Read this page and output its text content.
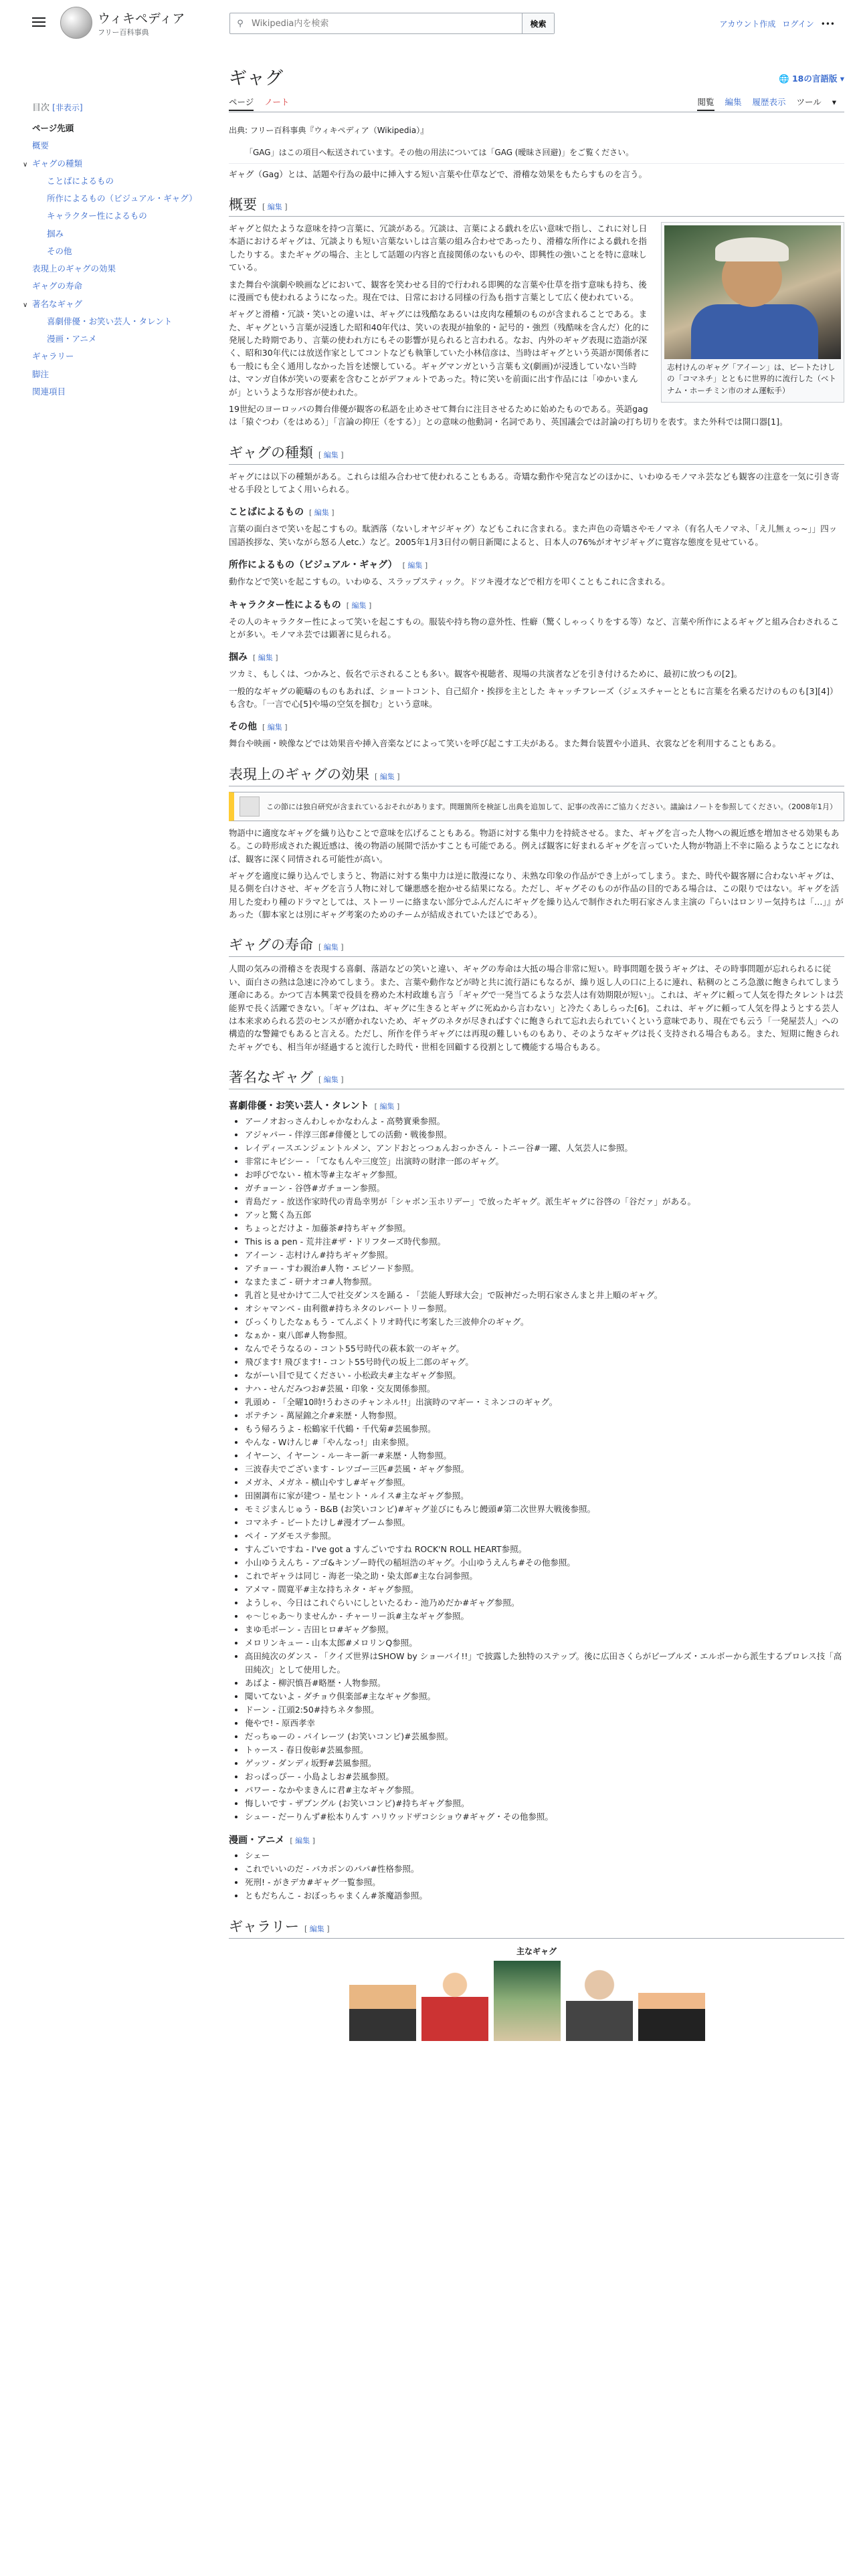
ウィキペディア
フリー百科事典
⚲
Wikipedia内を検索	検索	アカウント作成 ログイン •••
目次 [非表示]
ページ先頭
概要
∨ ギャグの種類
ことばによるもの
所作によるもの（ビジュアル・ギャグ）
キャラクター性によるもの
掴み
その他
表現上のギャグの効果
ギャグの寿命
∨ 著名なギャグ
喜劇俳優・お笑い芸人・タレント
漫画・アニメ
ギャラリー
脚注
関連項目
ギャグ	🌐 18の言語版 ▾
ページ ノート	閲覧 編集 履歴表示 ツール ▾

出典: フリー百科事典『ウィキペディア（Wikipedia）』

「GAG」はこの項目へ転送されています。その他の用法については「GAG (曖昧さ回避)」をご覧ください。

ギャグ（Gag）とは、話題や行為の最中に挿入する短い言葉や仕草などで、滑稽な効果をもたらすものを言う。

概要 [ 編集 ]
志村けんのギャグ「アイーン」は、ビートたけしの「コマネチ」とともに世界的に流行した（ベトナム・ホーチミン市のオム運転手）

ギャグと似たような意味を持つ言葉に、冗談がある。冗談は、言葉による戯れを広い意味で指し、これに対し日本語におけるギャグは、冗談よりも短い言葉ないしは言葉の組み合わせであったり、滑稽な所作による戯れを指したりする。またギャグの場合、主として話題の内容と直接関係のないものや、即興性の強いことを特に意味している。

また舞台や演劇や映画などにおいて、観客を笑わせる目的で行われる即興的な言葉や仕草を指す意味も持ち、後に漫画でも使われるようになった。現在では、日常における同様の行為も指す言葉として広く使われている。

ギャグと滑稽・冗談・笑いとの違いは、ギャグには残酷なあるいは皮肉な種類のものが含まれることである。また、ギャグという言葉が浸透した昭和40年代は、笑いの表現が抽象的・記号的・強烈（残酷味を含んだ）化的に発展した時期であり、言葉の使われ方にもその影響が見られると言われる。なお、内外のギャグ表現に造詣が深く、昭和30年代には放送作家としてコントなども執筆していた小林信彦は、当時はギャグという英語が関係者にも一般にも全く通用しなかった旨を述懐している。ギャグマンガという言葉も文(劇画)が浸透していない当時は、マンガ自体が笑いの要素を含むことがデフォルトであった。特に笑いを前面に出す作品には「ゆかいまんが」というような形容が使われた。

19世紀のヨーロッパの舞台俳優が観客の私語を止めさせて舞台に注目させるために始めたものである。英語gagは「猿ぐつわ（をはめる）」「言論の抑圧（をする）」との意味の他動詞・名詞であり、英国議会では討論の打ち切りを表す。また外科では開口器[1]。

ギャグの種類 [ 編集 ]

ギャグには以下の種類がある。これらは組み合わせて使われることもある。奇矯な動作や発言などのほかに、いわゆるモノマネ芸なども観客の注意を一気に引き寄せる手段としてよく用いられる。

ことばによるもの [ 編集 ]

言葉の面白さで笑いを起こすもの。駄洒落（ないしオヤジギャグ）などもこれに含まれる。また声色の奇矯さやモノマネ（有名人モノマネ、「え儿無ぇっ~」」四ッ国語挨拶な、笑いながら怒る人etc.）など。2005年1月3日付の朝日新聞によると、日本人の76%がオヤジギャグに寛容な態度を見せている。

所作によるもの（ビジュアル・ギャグ） [ 編集 ]

動作などで笑いを起こすもの。いわゆる、スラップスティック。ドツキ漫才などで相方を叩くこともこれに含まれる。

キャラクター性によるもの [ 編集 ]

その人のキャラクター性によって笑いを起こすもの。服装や持ち物の意外性、性癖（驚くしゃっくりをする等）など、言葉や所作によるギャグと組み合わされることが多い。モノマネ芸では顕著に見られる。

掴み [ 編集 ]

ツカミ、もしくは、つかみと、仮名で示されることも多い。観客や視聴者、現場の共演者などを引き付けるために、最初に放つもの[2]。

一般的なギャグの範疇のものもあれば、ショートコント、自己紹介・挨拶を主とした キャッチフレーズ（ジェスチャーとともに言葉を名乗るだけのものも[3][4]）も含む。「一言で心[5]や場の空気を掴む」という意味。

その他 [ 編集 ]

舞台や映画・映像などでは効果音や挿入音楽などによって笑いを呼び起こす工夫がある。また舞台装置や小道具、衣裳などを利用することもある。

表現上のギャグの効果 [ 編集 ]
この節には独自研究が含まれているおそれがあります。問題箇所を検証し出典を追加して、記事の改善にご協力ください。議論はノートを参照してください。（2008年1月）

物語中に適度なギャグを織り込むことで意味を広げることもある。物語に対する集中力を持続させる。また、ギャグを言った人物への親近感を増加させる効果もある。この時形成された親近感は、後の物語の展開で活かすことも可能である。例えば観客に好まれるギャグを言っていた人物が物語上不幸に陥るようなことになれば、観客に深く同情される可能性が高い。

ギャグを適度に繰り込んでしまうと、物語に対する集中力は逆に散漫になり、未熟な印象の作品ができ上がってしまう。また、時代や観客層に合わないギャグは、見る側を白けさせ、ギャグを言う人物に対して嫌悪感を抱かせる結果になる。ただし、ギャグそのものが作品の目的である場合は、この限りではない。ギャグを活用した変わり種のドラマとしては、ストーリーに絡まない部分でふんだんにギャグを繰り込んで制作された明石家さんま主演の『らいはロンリー気持ちは「…」』があった（脚本家とは別にギャグ考案のためのチームが結成されていたほどである）。

ギャグの寿命 [ 編集 ]

人間の気みの滑稽さを表現する喜劇、落語などの笑いと違い、ギャグの寿命は大抵の場合非常に短い。時事問題を扱うギャグは、その時事問題が忘れられるに従い、面白さの熱は急速に冷めてしまう。また、言葉や動作などが時と共に流行語にもなるが、繰り返し人の口に上るに連れ、粘稠のところ急激に飽きられてしまう運命にある。かつて吉本興業で役員を務めた木村政雄も言う「ギャグで一発当てるような芸人は有効期限が短い」。これは、ギャグに頼って人気を得たタレントは芸能界で長く活躍できない。「ギャグはね、ギャグに生きるとギャグに死ぬから言わない」と冷たくあしらった[6]。これは、ギャグに頼って人気を得ようとする芸人は本来求められる芸のセンスが磨かれないため、ギャグのネタが尽きればすぐに飽きられて忘れ去られていくという意味であり、現在でも云う「一発屋芸人」への構造的な警鐘でもあると言える。ただし、所作を伴うギャグには再現の難しいものもあり、そのようなギャグは長く支持される場合もある。また、短期に飽きられたギャグでも、相当年が経過すると流行した時代・世相を回顧する役割として機能する場合もある。

著名なギャグ [ 編集 ]
喜劇俳優・お笑い芸人・タレント [ 編集 ]
• アーノオおっさんわしゃかなわんよ - 高勢實乗参照。
• アジャパー - 伴淳三郎#俳優としての活動・戦後参照。
• レイディースエンジェントルメン、アンドおとっつぁんおっかさん - トニー谷#一躍、人気芸人に参照。
• 非常にキビシー - 「てなもんや三度笠」出演時の財津一郎のギャグ。
• お呼びでない - 植木等#主なギャグ参照。
• ガチョーン - 谷啓#ガチョーン参照。
• 青島だァ - 放送作家時代の青島幸男が「シャボン玉ホリデー」で放ったギャグ。派生ギャグに谷啓の「谷だァ」がある。
• アッと驚く為五郎
• ちょっとだけよ - 加藤茶#持ちギャグ参照。
• This is a pen - 荒井注#ザ・ドリフターズ時代参照。
• アイーン - 志村けん#持ちギャグ参照。
• アチョー - すわ親治#人物・エピソード参照。
• なまたまご - 研ナオコ#人物参照。
• 乳首と見せかけて二人で社交ダンスを踊る - 「芸能人野球大会」で阪神だった明石家さんまと井上順のギャグ。
• オシャマンベ - 由利徹#持ちネタのレパートリー参照。
• びっくりしたなぁもう - てんぷくトリオ時代に考案した三波伸介のギャグ。
• なぁか - 東八郎#人物参照。
• なんでそうなるの - コント55号時代の萩本欽一のギャグ。
• 飛びます! 飛びます! - コント55号時代の坂上二郎のギャグ。
• ながーい目で見てください - 小松政夫#主なギャグ参照。
• ナハ - せんだみつお#芸風・印象・交友関係参照。
• 乳頭め - 「全曜10時!うわさのチャンネル!!」出演時のマギー・ミネンコのギャグ。
• ボテチン - 萬屋錦之介#来歴・人物参照。
• もう帰ろうよ - 松鶴家千代鶴・千代菊#芸風参照。
• やんな - Wけんじ#「やんなっ!」由来参照。
• イヤーン、イヤーン - ルーキー新一#来歴・人物参照。
• 三波春夫でございます - レツゴー三匹#芸風・ギャグ参照。
• メガネ、メガネ - 横山やすし#ギャグ参照。
• 田園調布に家が建つ - 星セント・ルイス#主なギャグ参照。
• モミジまんじゅう - B&B (お笑いコンビ)#ギャグ並びにもみじ饅頭#第二次世界大戦後参照。
• コマネチ - ビートたけし#漫才ブーム参照。
• ペイ - アダモステ参照。
• すんごいですね - I've got a すんごいですね ROCK'N ROLL HEART参照。
• 小山ゆうえんち - アゴ&キンゾー時代の稲垣浩のギャグ。小山ゆうえんち#その他参照。
• これでギャラは同じ - 海老一染之助・染太郎#主な台詞参照。
• アメマ - 間寛平#主な持ちネタ・ギャグ参照。
• ようしゃ、今日はこれぐらいにしといたるわ - 池乃めだか#ギャグ参照。
• ゃ～じゃあ～りませんか - チャーリー浜#主なギャグ参照。
• まゆ毛ボーン - 吉田ヒロ#ギャグ参照。
• メロリンキュー - 山本太郎#メロリンQ参照。
• 高田純次のダンス - 「クイズ世界はSHOW by ショーバイ!!」で披露した独特のステップ。後に広田さくらがビーブルズ・エルボーから派生するプロレス技「高田純次」として使用した。
• あばよ - 柳沢慎吾#略歴・人物参照。
• 聞いてないよ - ダチョウ倶楽部#主なギャグ参照。
• ドーン - 江頭2:50#持ちネタ参照。
• 俺やで! - 原西孝幸
• だっちゅーの - パイレーツ (お笑いコンビ)#芸風参照。
• トゥース - 春日俊彰#芸風参照。
• ゲッツ - ダンディ坂野#芸風参照。
• おっぱっぴー - 小島よしお#芸風参照。
• パワー - なかやまきんに君#主なギャグ参照。
• 悔しいです - ザブングル (お笑いコンビ)#持ちギャグ参照。
• シュー - だーりんず#松本りんす ハリウッドザコシショウ#ギャグ・その他参照。
漫画・アニメ [ 編集 ]
• シェー
• これでいいのだ - バカボンのパパ#性格参照。
• 死刑! - がきデカ#ギャグ一覧参照。
• ともだちんこ - おぼっちゃまくん#茶魔語参照。
ギャラリー [ 編集 ]
主なギャグ
